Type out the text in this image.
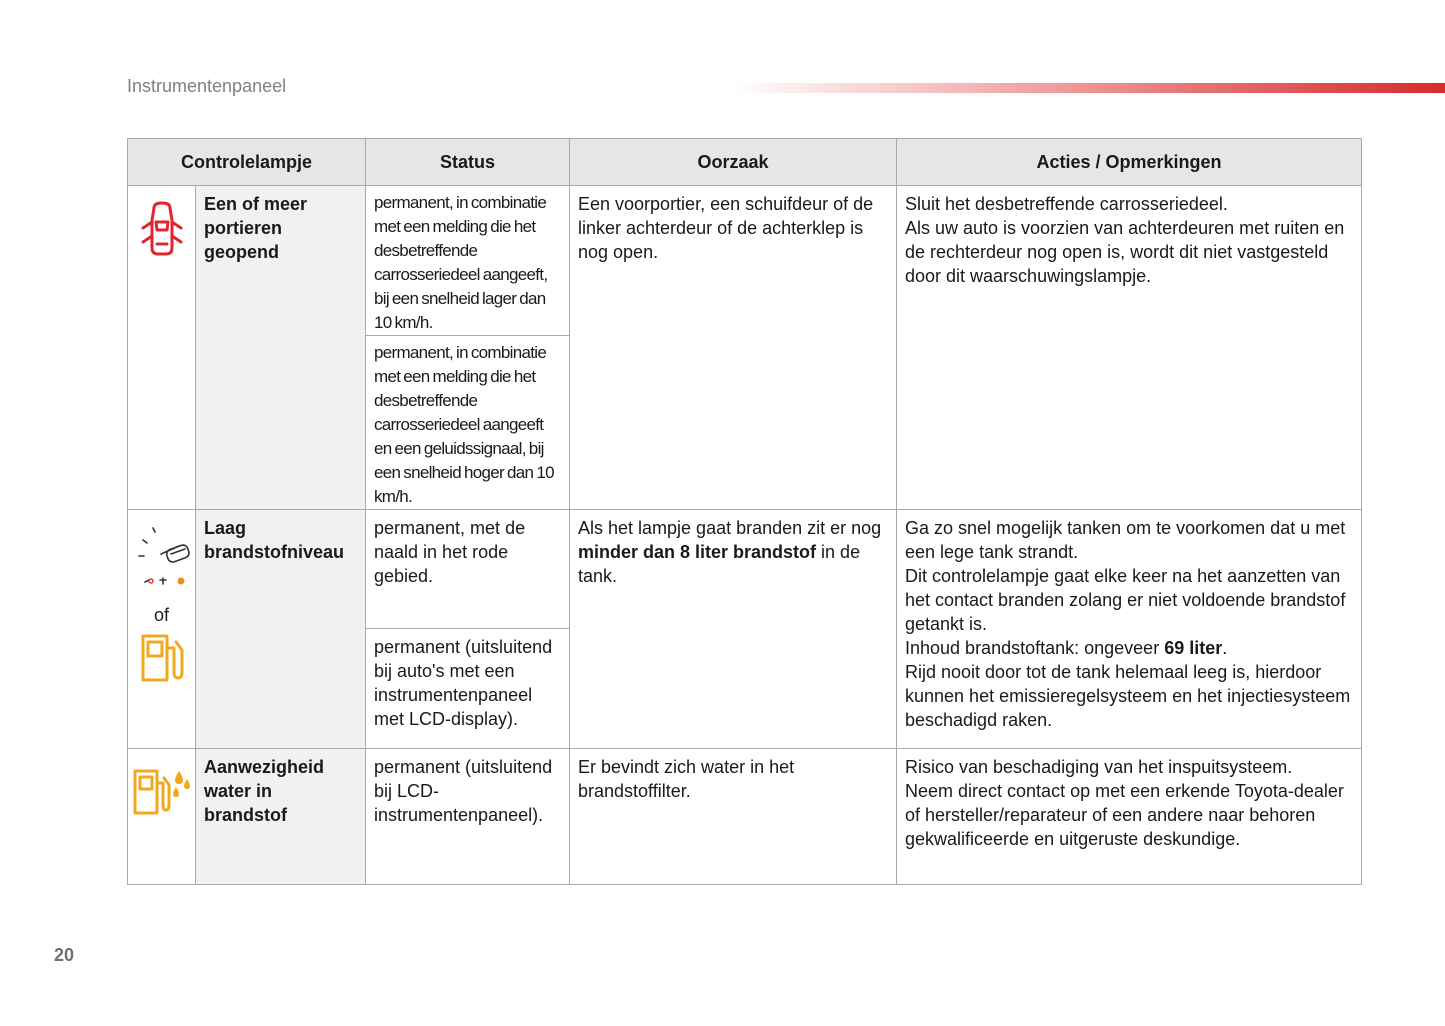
Instrumentenpaneel
Controlelampje		Status	Oorzaak	Acties / Opmerkingen
	Een of meer portieren geopend	permanent, in combinatie met een melding die het desbetreffende carrosseriedeel aangeeft, bij een snelheid lager dan 10 km/h.	Een voorportier, een schuifdeur of de linker achterdeur of de achterklep is nog open.	Sluit het desbetreffende carrosseriedeel.
Als uw auto is voorzien van achterdeuren met ruiten en de rechterdeur nog open is, wordt dit niet vastgesteld door dit waarschuwingslampje.

		permanent, in combinatie met een melding die het desbetreffende carrosseriedeel aangeeft en een geluidssignaal, bij een snelheid hoger dan 10 km/h.		

of	Laag brandstofniveau	permanent, met de naald in het rode gebied.	Als het lampje gaat branden zit er nog minder dan 8 liter brandstof in de tank.	Ga zo snel mogelijk tanken om te voorkomen dat u met een lege tank strandt.
Dit controlelampje gaat elke keer na het aanzetten van het contact branden zolang er niet voldoende brandstof getankt is.
Inhoud brandstoftank: ongeveer 69 liter.
Rijd nooit door tot de tank helemaal leeg is, hierdoor kunnen het emissieregelsysteem en het injectiesysteem beschadigd raken.

		permanent (uitsluitend bij auto's met een instrumentenpaneel met LCD-display).		
	Aanwezigheid water in brandstof	permanent (uitsluitend bij LCD-instrumentenpaneel).	Er bevindt zich water in het brandstoffilter.	Risico van beschadiging van het inspuitsysteem.
Neem direct contact op met een erkende Toyota-dealer of hersteller/reparateur of een andere naar behoren gekwalificeerde en uitgeruste deskundige.
20
